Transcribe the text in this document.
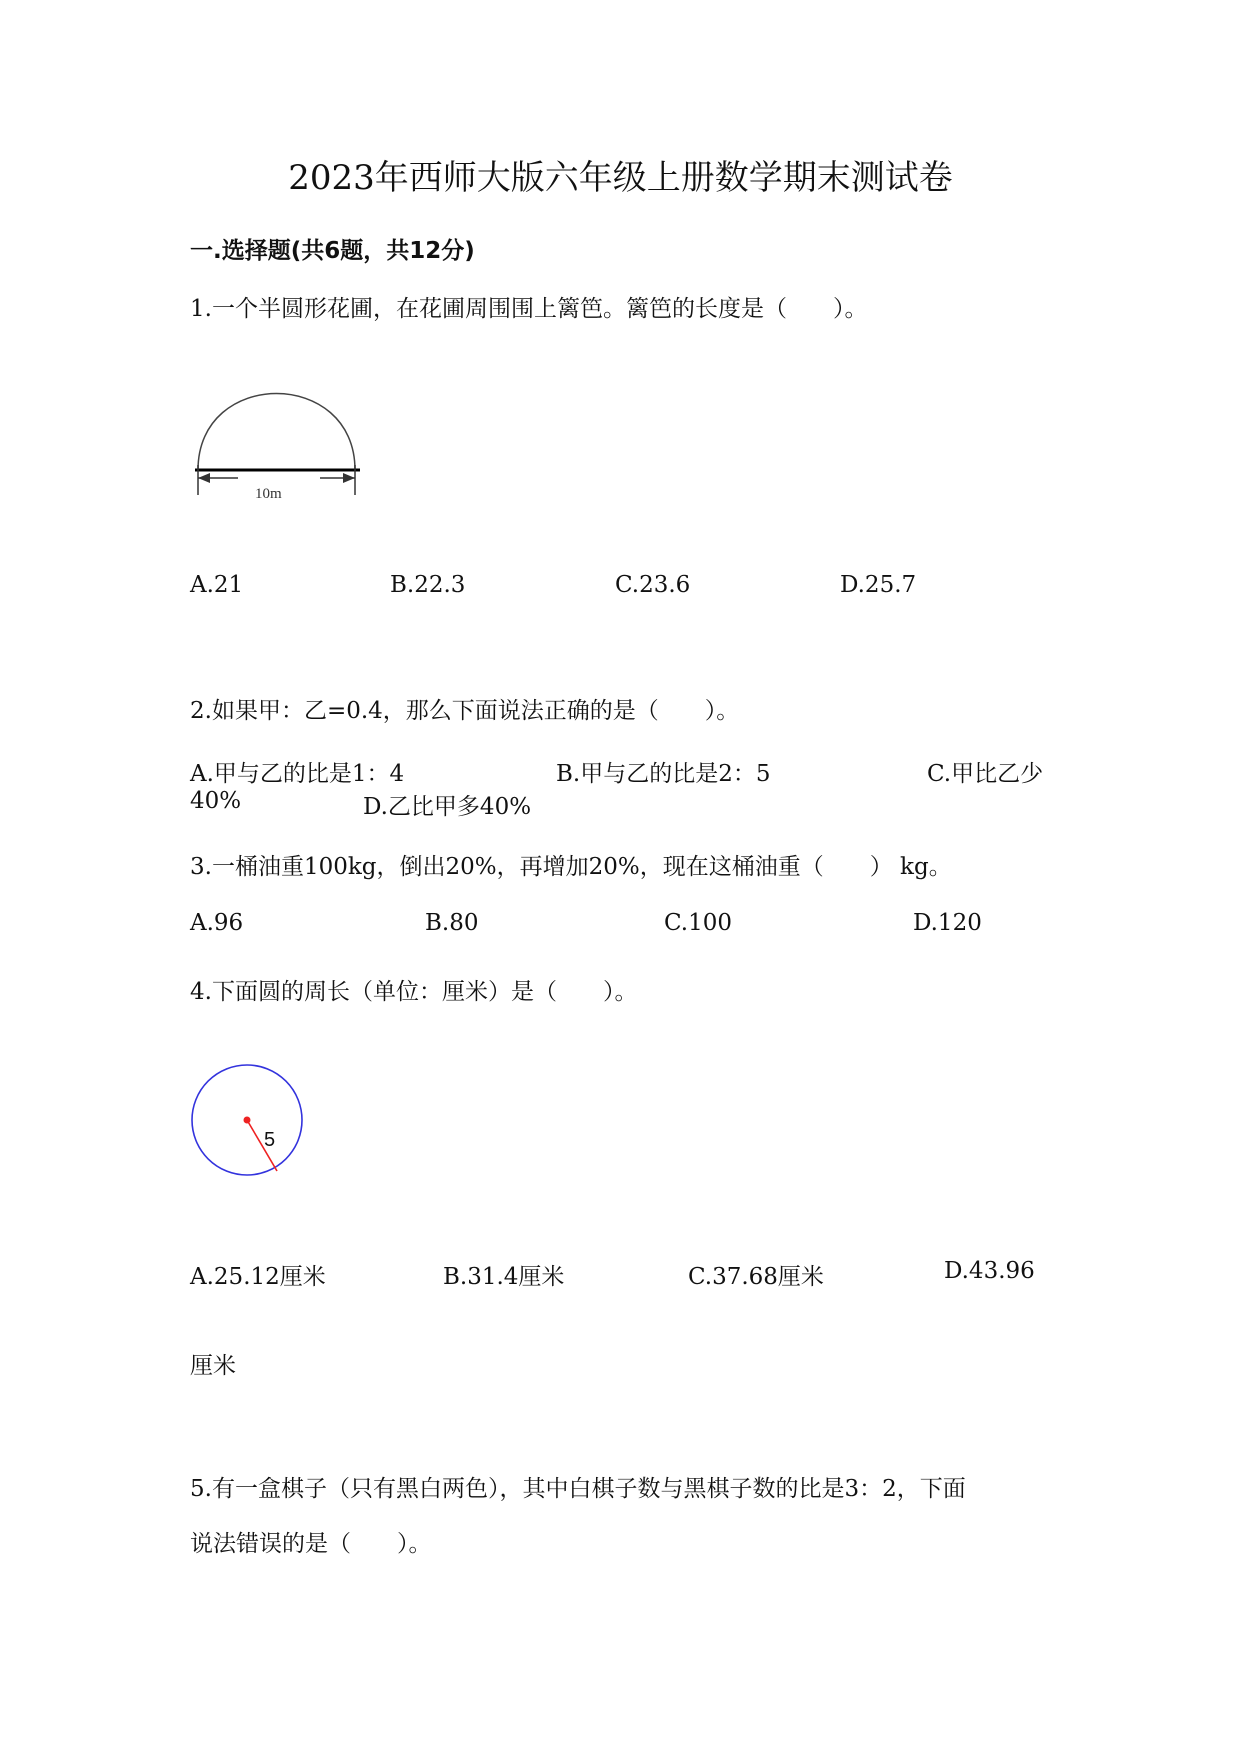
2023年西师大版六年级上册数学期末测试卷
一.选择题(共6题，共12分)
1.一个半圆形花圃，在花圃周围围上篱笆。篱笆的长度是（　　）。
10m
A.21	B.22.3	C.23.6	D.25.7
2.如果甲：乙=0.4，那么下面说法正确的是（　　）。
A.甲与乙的比是1：4	B.甲与乙的比是2：5	C.甲比乙少
40%	D.乙比甲多40%
3.一桶油重100kg，倒出20%，再增加20%，现在这桶油重（　　） kg。
A.96	B.80	C.100	D.120
4.下面圆的周长（单位：厘米）是（　　）。
5
A.25.12厘米	B.31.4厘米	C.37.68厘米	D.43.96
厘米
5.有一盒棋子（只有黑白两色），其中白棋子数与黑棋子数的比是3：2，下面
说法错误的是（　　）。
